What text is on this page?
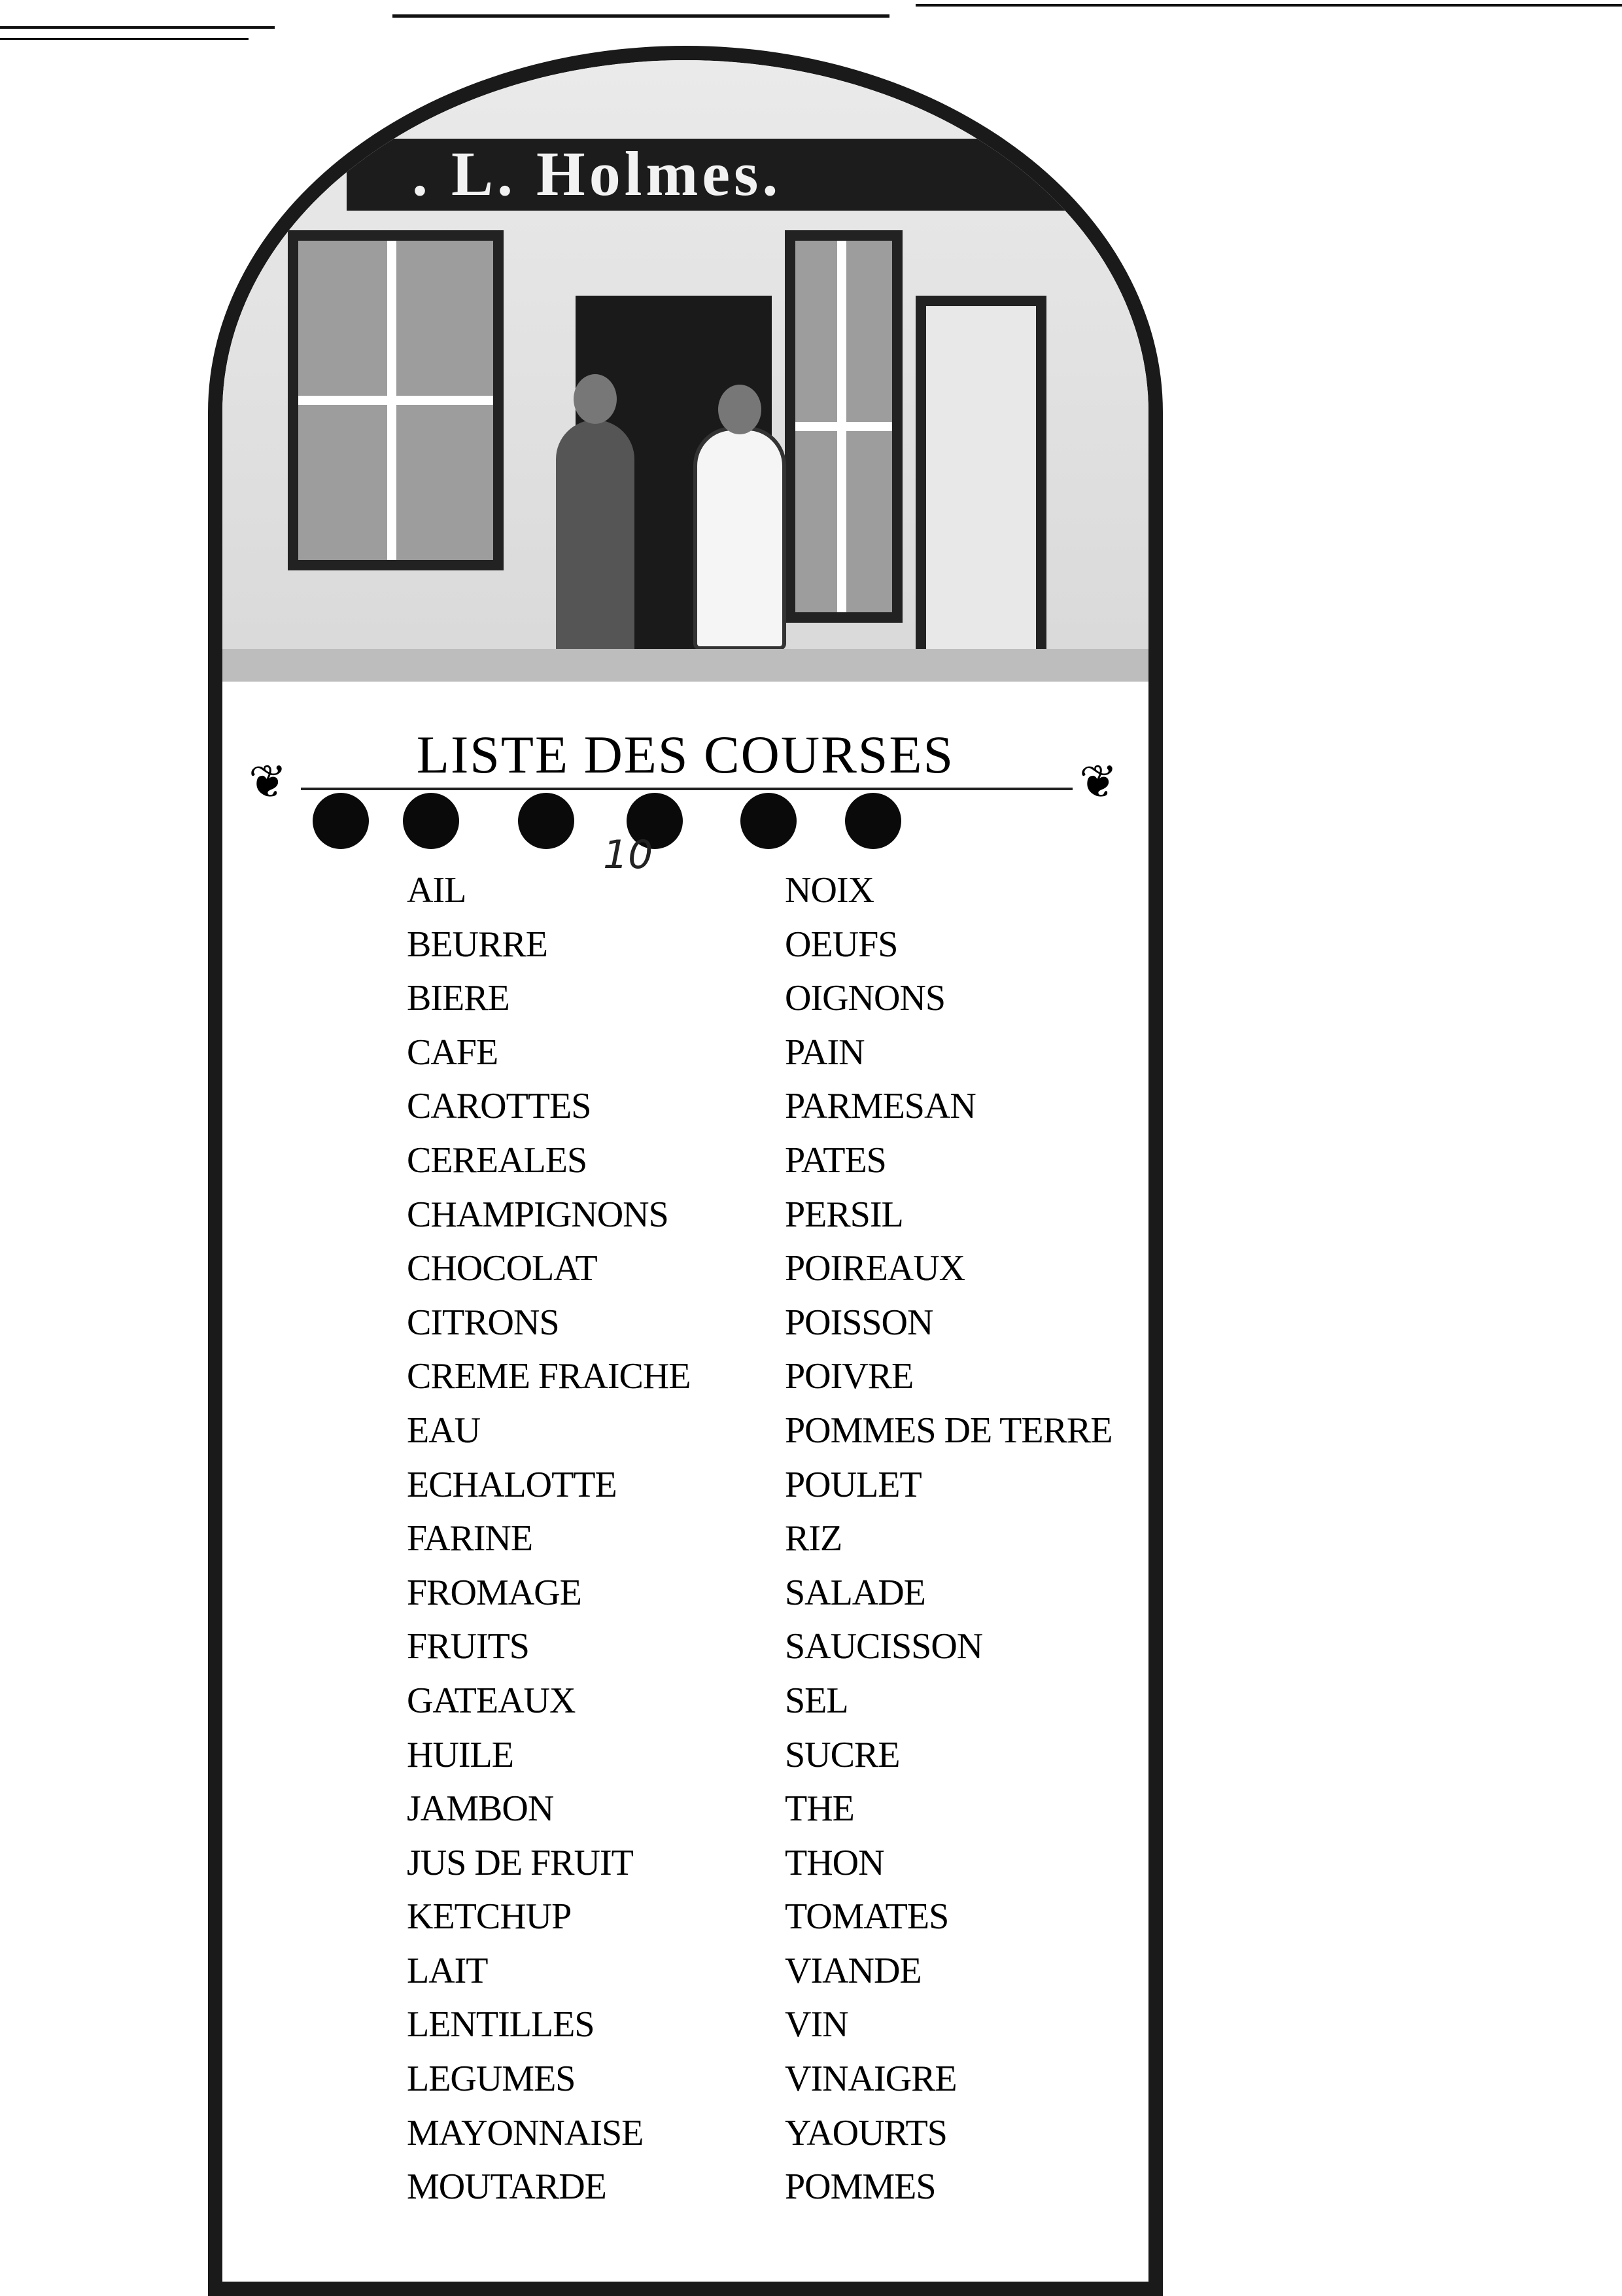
. L. Holmes.
LISTE DES COURSES
❦	❦
10
AIL
BEURRE
BIERE
CAFE
CAROTTES
CEREALES
CHAMPIGNONS
CHOCOLAT
CITRONS
CREME FRAICHE
EAU
ECHALOTTE
FARINE
FROMAGE
FRUITS
GATEAUX
HUILE
JAMBON
JUS DE FRUIT
KETCHUP
LAIT
LENTILLES
LEGUMES
MAYONNAISE
MOUTARDE
NOIX
OEUFS
OIGNONS
PAIN
PARMESAN
PATES
PERSIL
POIREAUX
POISSON
POIVRE
POMMES DE TERRE
POULET
RIZ
SALADE
SAUCISSON
SEL
SUCRE
THE
THON
TOMATES
VIANDE
VIN
VINAIGRE
YAOURTS
POMMES
